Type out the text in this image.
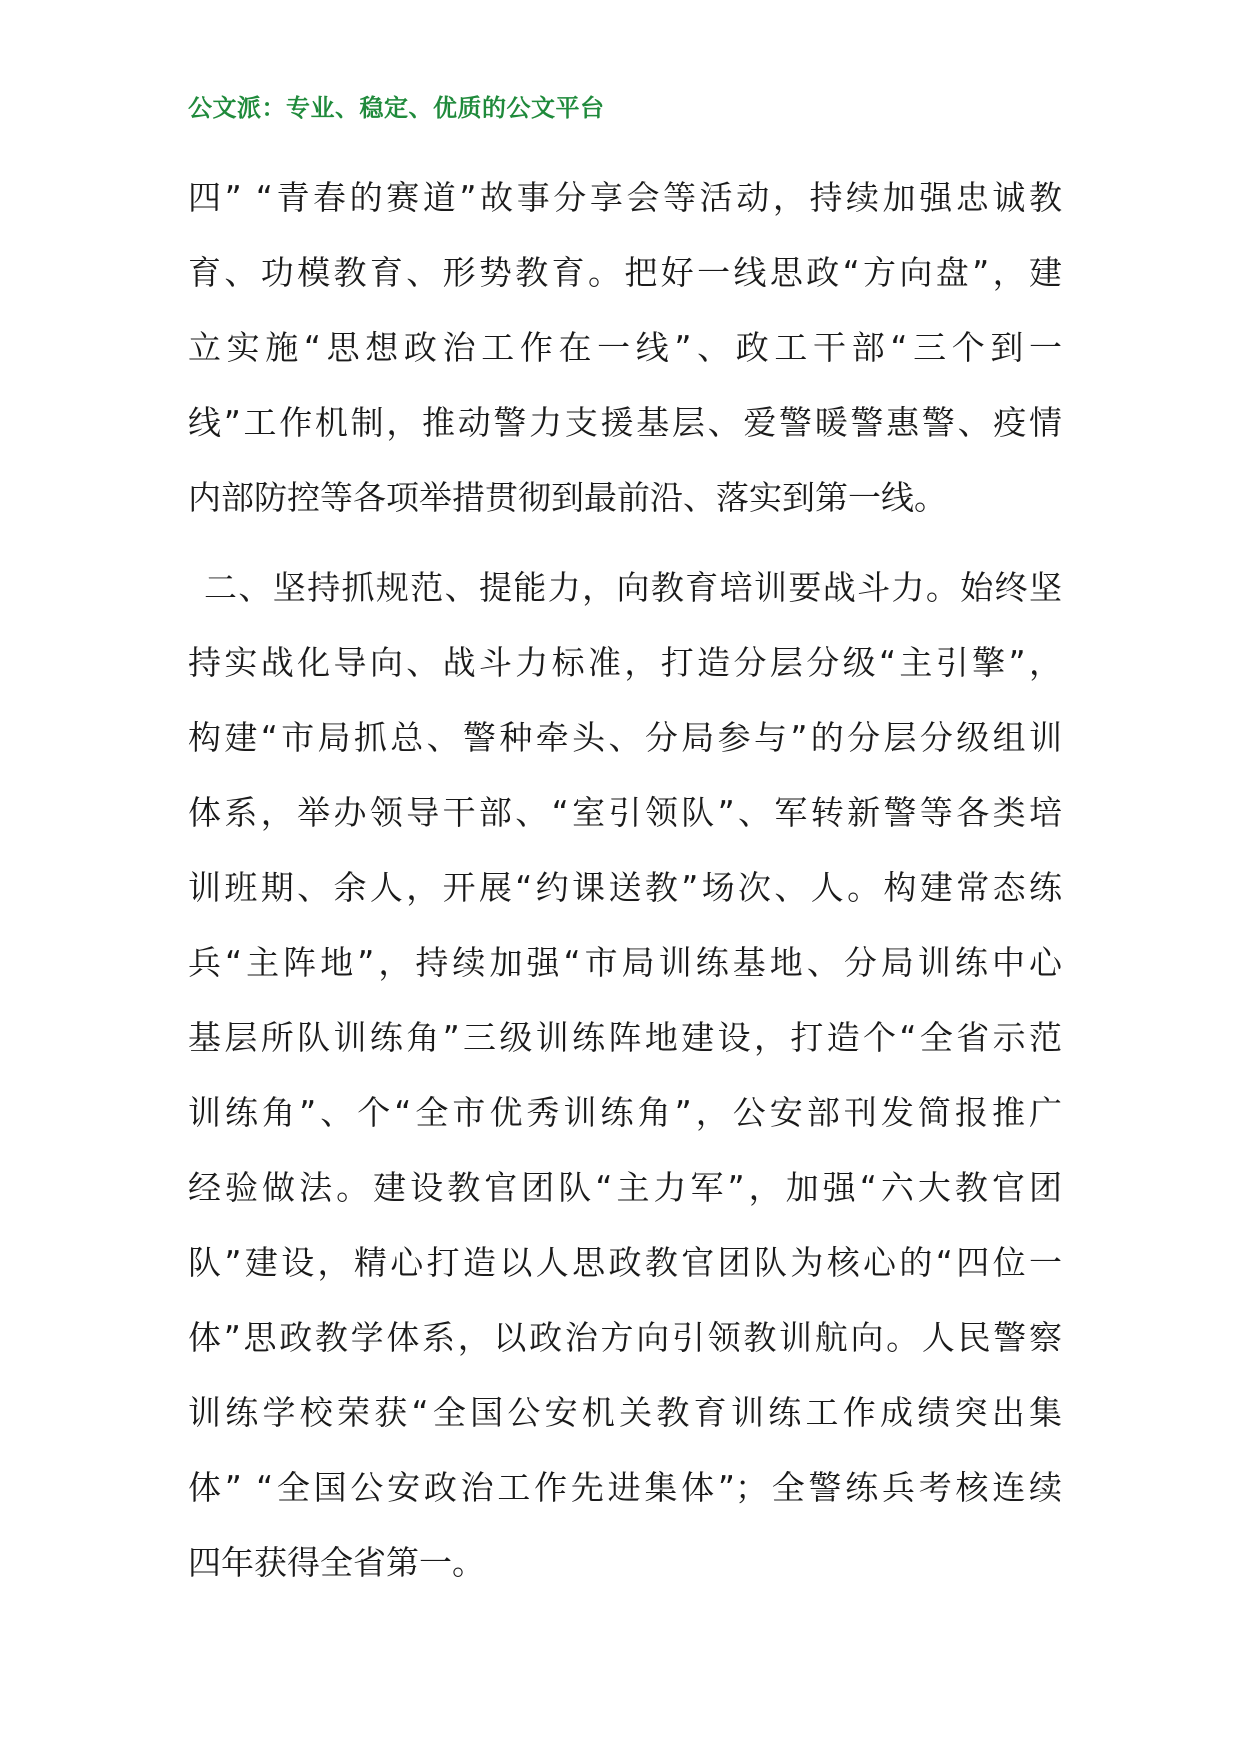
公文派：专业、稳定、优质的公文平台
四” “青春的赛道”故事分享会等活动，持续加强忠诚教
育、功模教育、形势教育。把好一线思政“方向盘”，建
立实施“思想政治工作在一线”、政工干部“三个到一
线”工作机制，推动警力支援基层、爱警暖警惠警、疫情
内部防控等各项举措贯彻到最前沿、落实到第一线。
二、坚持抓规范、提能力，向教育培训要战斗力。始终坚
持实战化导向、战斗力标准，打造分层分级“主引擎”，
构建“市局抓总、警种牵头、分局参与”的分层分级组训
体系，举办领导干部、“室引领队”、军转新警等各类培
训班期、余人，开展“约课送教”场次、人。构建常态练
兵“主阵地”，持续加强“市局训练基地、分局训练中心
基层所队训练角”三级训练阵地建设，打造个“全省示范
训练角”、个“全市优秀训练角”，公安部刊发简报推广
经验做法。建设教官团队“主力军”，加强“六大教官团
队”建设，精心打造以人思政教官团队为核心的“四位一
体”思政教学体系，以政治方向引领教训航向。人民警察
训练学校荣获“全国公安机关教育训练工作成绩突出集
体” “全国公安政治工作先进集体”；全警练兵考核连续
四年获得全省第一。
